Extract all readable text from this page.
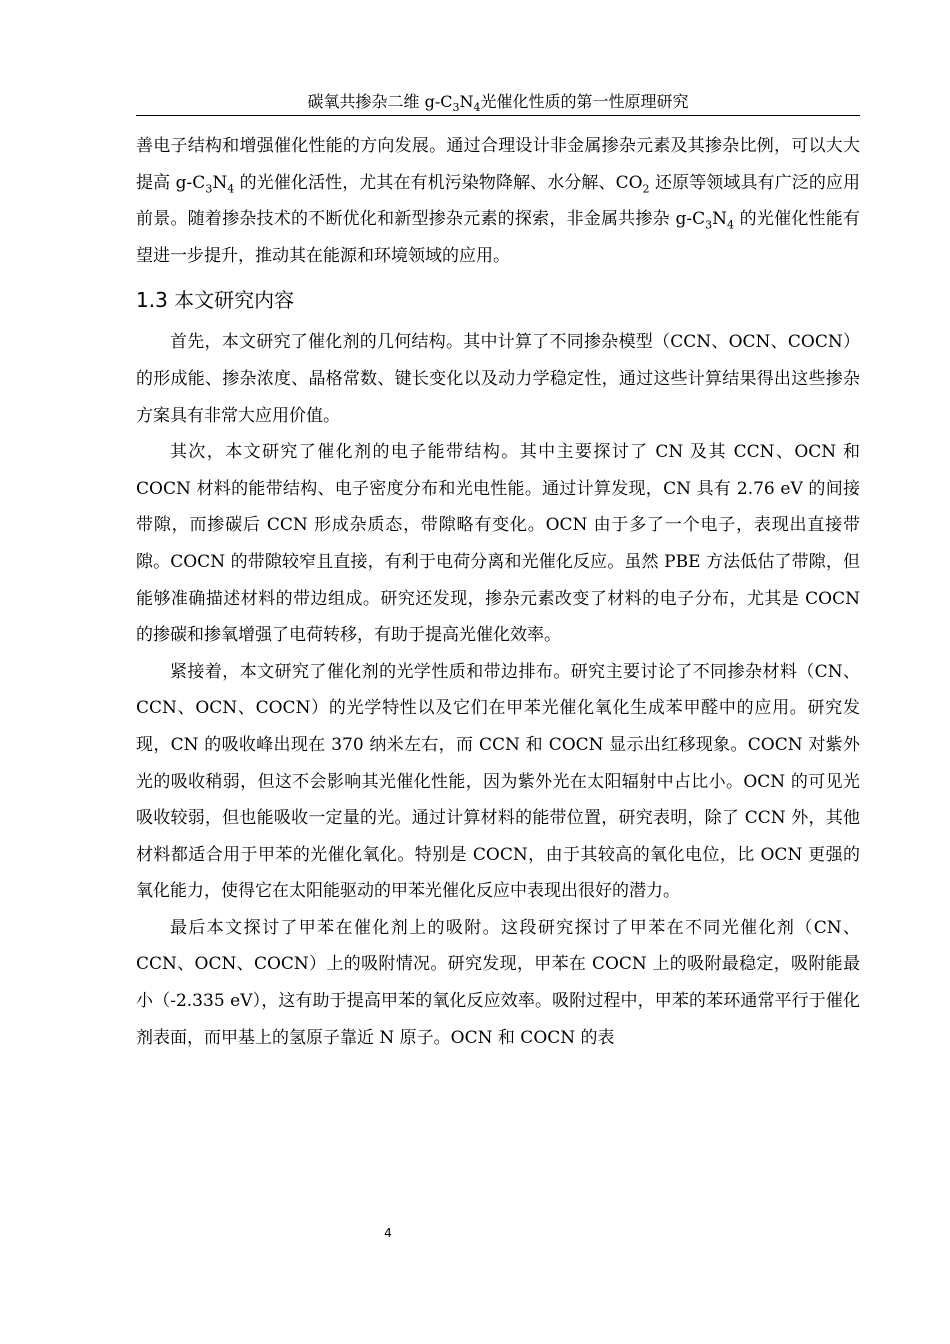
碳氧共掺杂二维 $g-C_3N_4$光催化性质的第一性原理研究

善电子结构和增强催化性能的方向发展。通过合理设计非金属掺杂元素及其掺杂比例，可以大大提高 $g-C_3N_4$ 的光催化活性，尤其在有机污染物降解、水分解、$CO_2$ 还原等领域具有广泛的应用前景。随着掺杂技术的不断优化和新型掺杂元素的探索，非金属共掺杂 $g-C_3N_4$ 的光催化性能有望进一步提升，推动其在能源和环境领域的应用。

1.3 本文研究内容

首先，本文研究了催化剂的几何结构。其中计算了不同掺杂模型（CCN、OCN、COCN）的形成能、掺杂浓度、晶格常数、键长变化以及动力学稳定性，通过这些计算结果得出这些掺杂方案具有非常大应用价值。

其次，本文研究了催化剂的电子能带结构。其中主要探讨了 CN 及其 CCN、OCN 和 COCN 材料的能带结构、电子密度分布和光电性能。通过计算发现，CN 具有 2.76 eV 的间接带隙，而掺碳后 CCN 形成杂质态，带隙略有变化。OCN 由于多了一个电子，表现出直接带隙。COCN 的带隙较窄且直接，有利于电荷分离和光催化反应。虽然 PBE 方法低估了带隙，但能够准确描述材料的带边组成。研究还发现，掺杂元素改变了材料的电子分布，尤其是 COCN 的掺碳和掺氧增强了电荷转移，有助于提高光催化效率。

紧接着，本文研究了催化剂的光学性质和带边排布。研究主要讨论了不同掺杂材料（CN、CCN、OCN、COCN）的光学特性以及它们在甲苯光催化氧化生成苯甲醛中的应用。研究发现，CN 的吸收峰出现在 370 纳米左右，而 CCN 和 COCN 显示出红移现象。COCN 对紫外光的吸收稍弱，但这不会影响其光催化性能，因为紫外光在太阳辐射中占比小。OCN 的可见光吸收较弱，但也能吸收一定量的光。通过计算材料的能带位置，研究表明，除了 CCN 外，其他材料都适合用于甲苯的光催化氧化。特别是 COCN，由于其较高的氧化电位，比 OCN 更强的氧化能力，使得它在太阳能驱动的甲苯光催化反应中表现出很好的潜力。

最后本文探讨了甲苯在催化剂上的吸附。这段研究探讨了甲苯在不同光催化剂（CN、CCN、OCN、COCN）上的吸附情况。研究发现，甲苯在 COCN 上的吸附最稳定，吸附能最小（-2.335 eV），这有助于提高甲苯的氧化反应效率。吸附过程中，甲苯的苯环通常平行于催化剂表面，而甲基上的氢原子靠近 N 原子。OCN 和 COCN 的表

4
